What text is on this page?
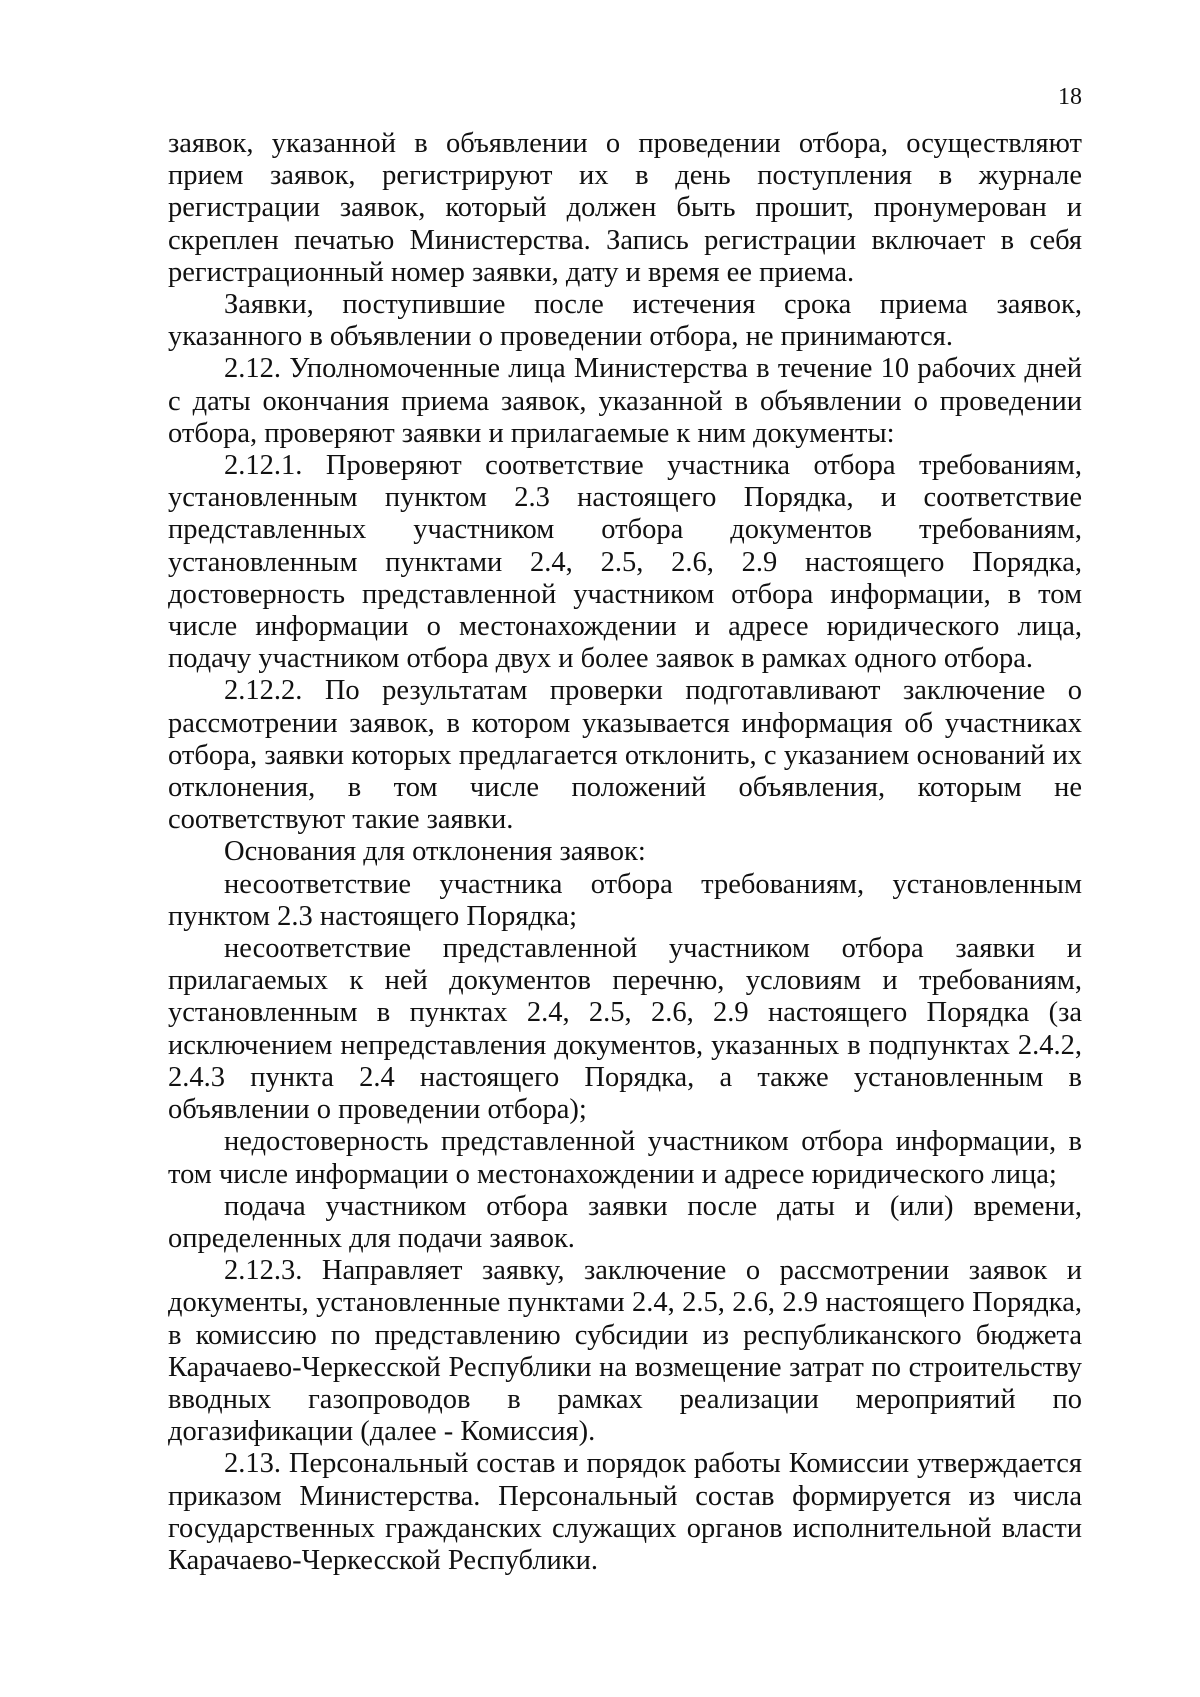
18

заявок, указанной в объявлении о проведении отбора, осуществляют прием заявок, регистрируют их в день поступления в журнале регистрации заявок, который должен быть прошит, пронумерован и скреплен печатью Министерства. Запись регистрации включает в себя регистрационный номер заявки, дату и время ее приема.

Заявки, поступившие после истечения срока приема заявок, указанного в объявлении о проведении отбора, не принимаются.

2.12. Уполномоченные лица Министерства в течение 10 рабочих дней с даты окончания приема заявок, указанной в объявлении о проведении отбора, проверяют заявки и прилагаемые к ним документы:

2.12.1. Проверяют соответствие участника отбора требованиям, установленным пунктом 2.3 настоящего Порядка, и соответствие представленных участником отбора документов требованиям, установленным пунктами 2.4, 2.5, 2.6, 2.9 настоящего Порядка, достоверность представленной участником отбора информации, в том числе информации о местонахождении и адресе юридического лица, подачу участником отбора двух и более заявок в рамках одного отбора.

2.12.2. По результатам проверки подготавливают заключение о рассмотрении заявок, в котором указывается информация об участниках отбора, заявки которых предлагается отклонить, с указанием оснований их отклонения, в том числе положений объявления, которым не соответствуют такие заявки.

Основания для отклонения заявок:

несоответствие участника отбора требованиям, установленным пунктом 2.3 настоящего Порядка;

несоответствие представленной участником отбора заявки и прилагаемых к ней документов перечню, условиям и требованиям, установленным в пунктах 2.4, 2.5, 2.6, 2.9 настоящего Порядка (за исключением непредставления документов, указанных в подпунктах 2.4.2, 2.4.3 пункта 2.4 настоящего Порядка, а также установленным в объявлении о проведении отбора);

недостоверность представленной участником отбора информации, в том числе информации о местонахождении и адресе юридического лица;

подача участником отбора заявки после даты и (или) времени, определенных для подачи заявок.

2.12.3. Направляет заявку, заключение о рассмотрении заявок и документы, установленные пунктами 2.4, 2.5, 2.6, 2.9 настоящего Порядка, в комиссию по представлению субсидии из республиканского бюджета Карачаево-Черкесской Республики на возмещение затрат по строительству вводных газопроводов в рамках реализации мероприятий по догазификации (далее - Комиссия).

2.13. Персональный состав и порядок работы Комиссии утверждается приказом Министерства. Персональный состав формируется из числа государственных гражданских служащих органов исполнительной власти Карачаево-Черкесской Республики.
